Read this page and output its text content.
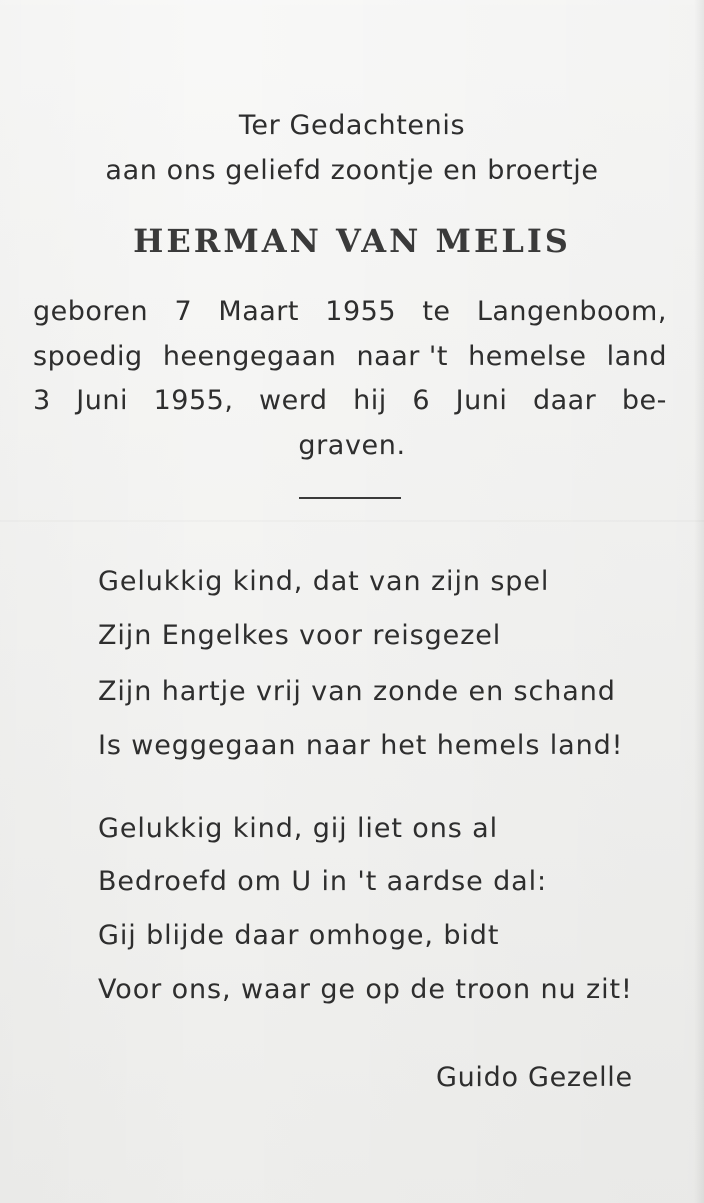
Ter Gedachtenis
aan ons geliefd zoontje en broertje
HERMAN VAN MELIS
geboren 7 Maart 1955 te Langenboom,
spoedig heengegaan naar 't hemelse land
3 Juni 1955, werd hij 6 Juni daar be-
graven.
Gelukkig kind, dat van zijn spel
Zijn Engelkes voor reisgezel
Zijn hartje vrij van zonde en schand
Is weggegaan naar het hemels land!
Gelukkig kind, gij liet ons al
Bedroefd om U in 't aardse dal:
Gij blijde daar omhoge, bidt
Voor ons, waar ge op de troon nu zit!
Guido Gezelle
